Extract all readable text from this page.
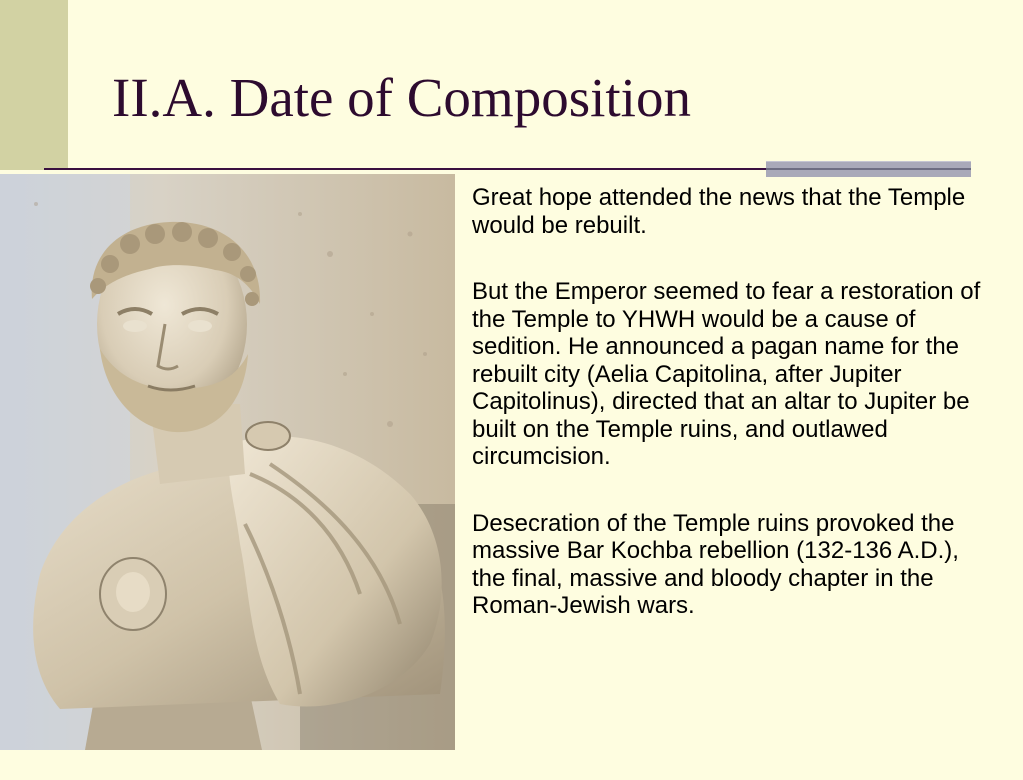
II.A. Date of Composition

Great hope attended the news that the Temple would be rebuilt.

But the Emperor seemed to fear a restoration of the Temple to YHWH would be a cause of sedition. He announced a pagan name for the rebuilt city (Aelia Capitolina, after Jupiter Capitolinus), directed that an altar to Jupiter be built on the Temple ruins, and outlawed circumcision.

Desecration of the Temple ruins provoked the massive Bar Kochba rebellion (132-136 A.D.), the final, massive and bloody chapter in the Roman-Jewish wars.
